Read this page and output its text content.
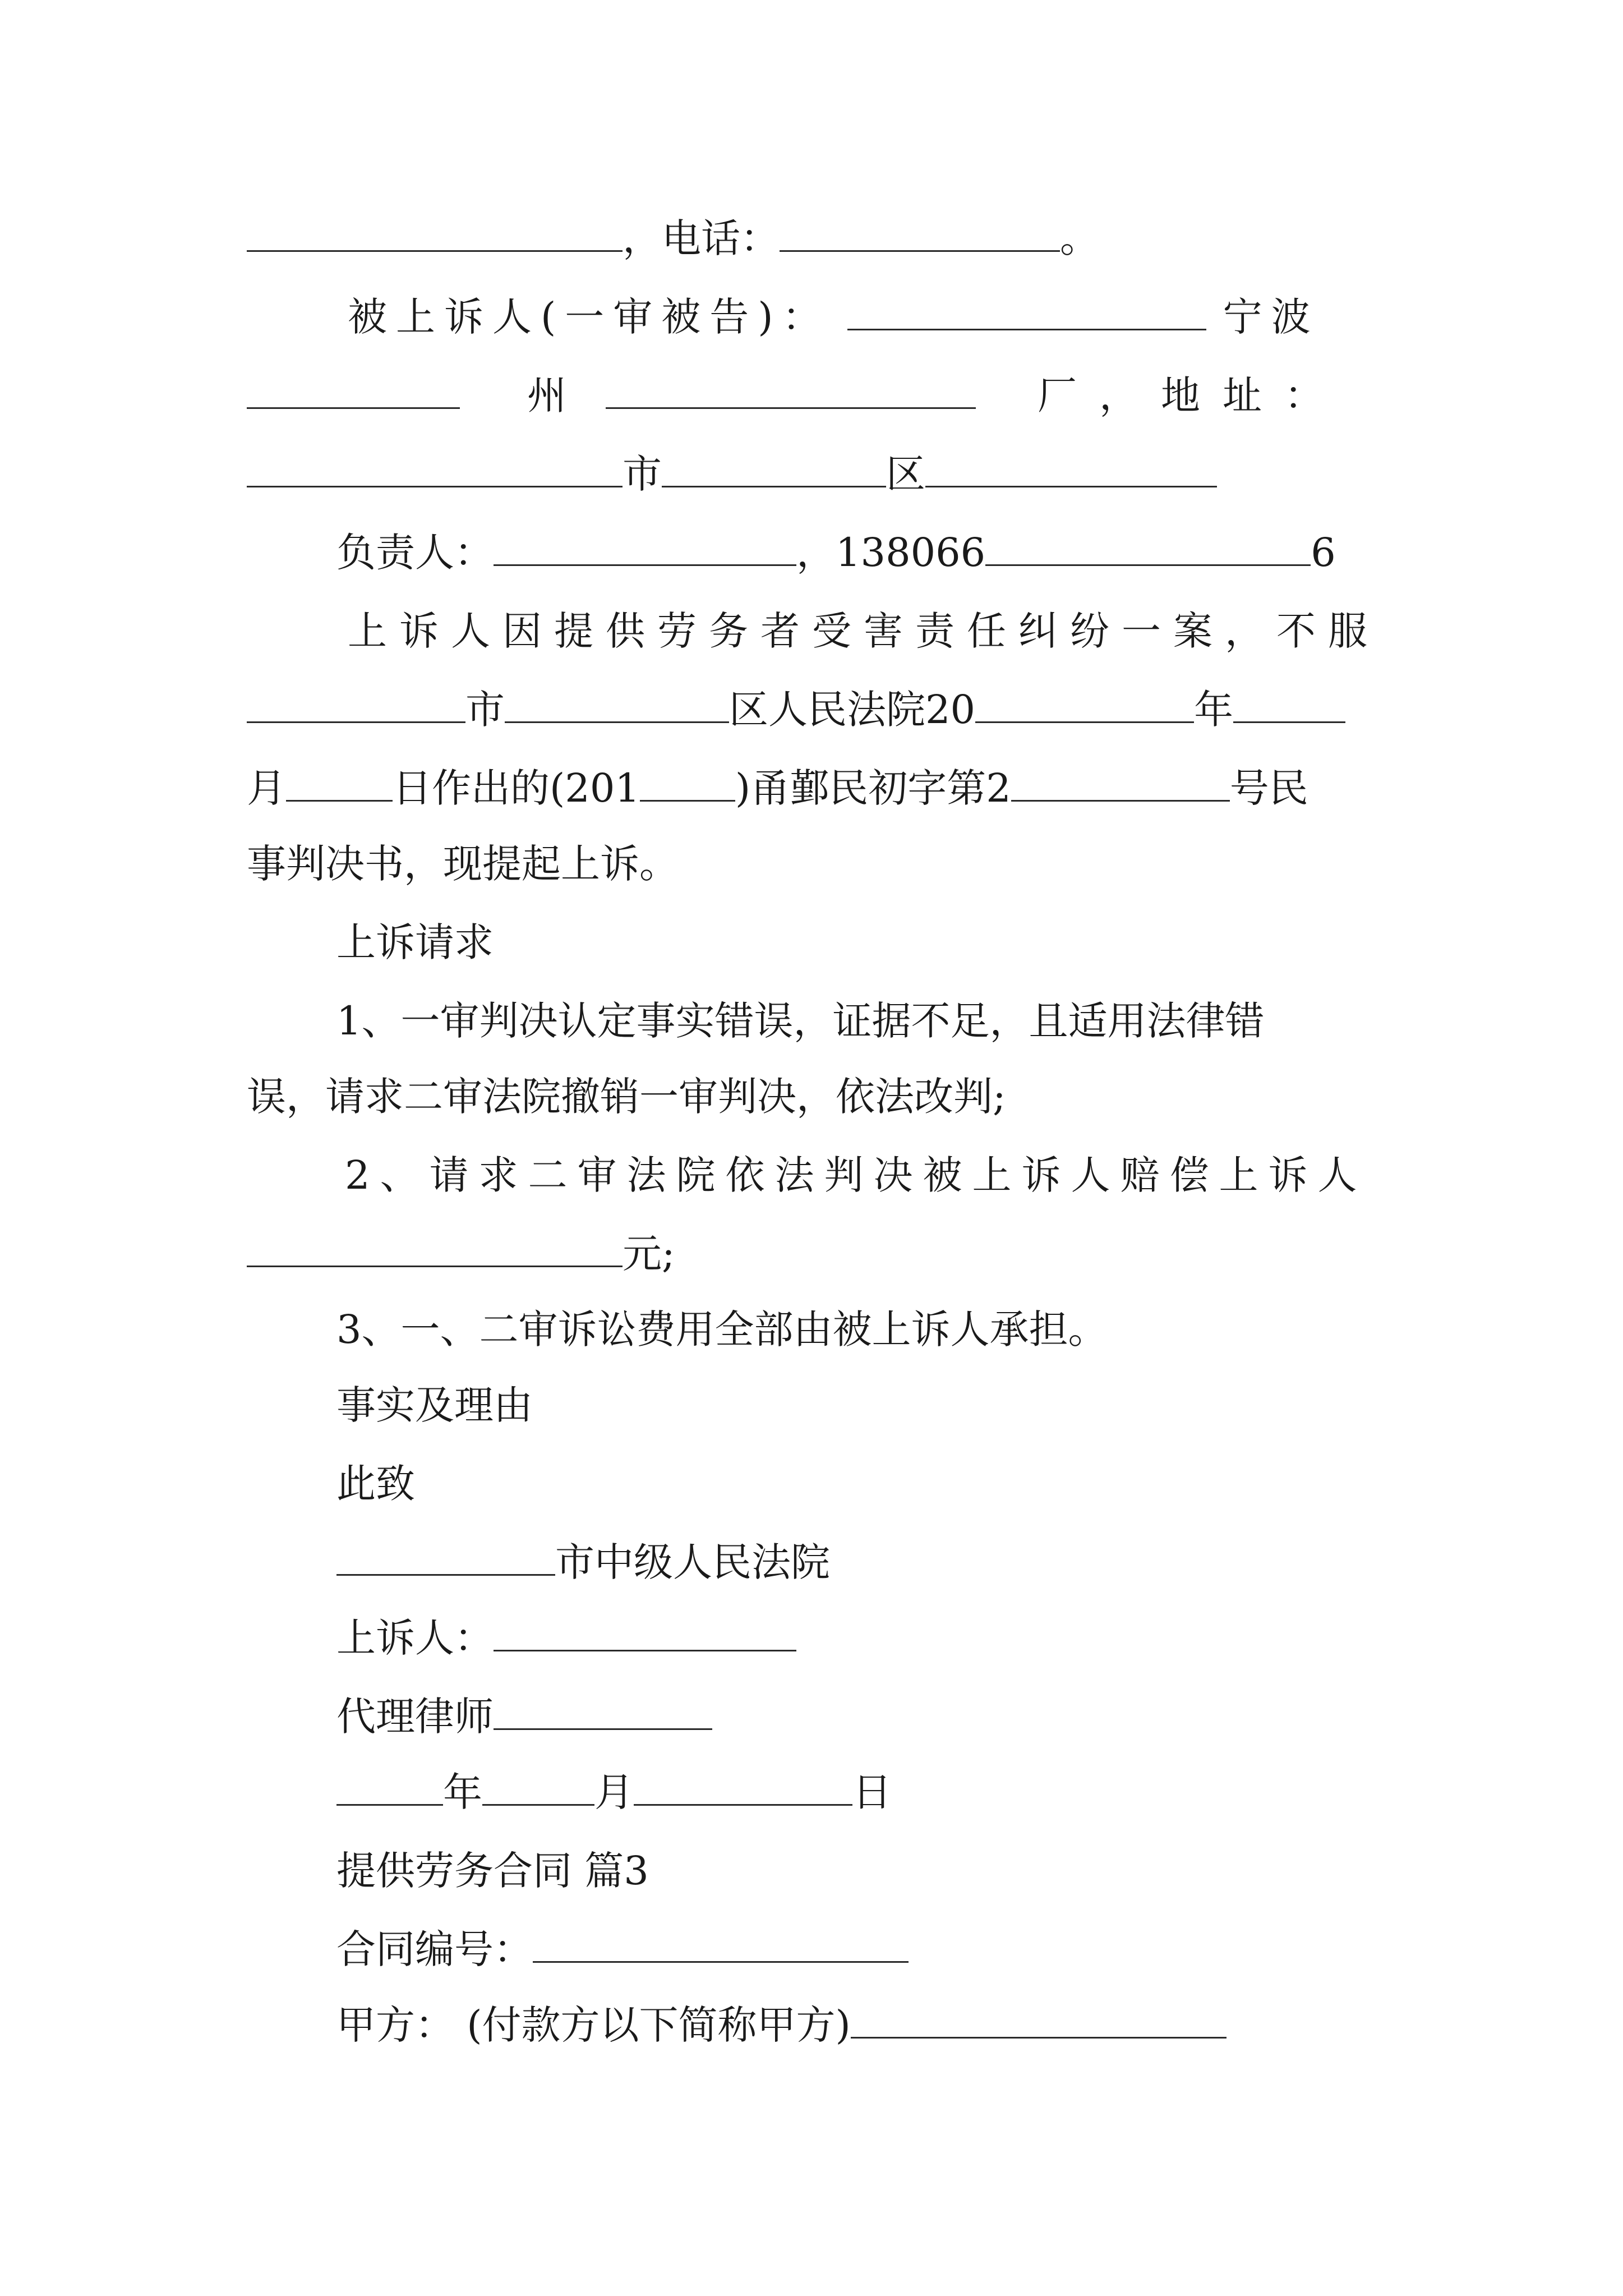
，电话：	。
被上诉人(一审被告)：	宁波
州	厂，地址：
市	区
负责人：	，138066	6
上诉人因提供劳务者受害责任纠纷一案，不服
市	区人民法院20	年
月	日作出的(201 )甬鄞民初字第2	号民
事判决书，现提起上诉。
上诉请求
1、一审判决认定事实错误，证据不足，且适用法律错
误，请求二审法院撤销一审判决，依法改判;
2、请求二审法院依法判决被上诉人赔偿上诉人
元;
3、一、二审诉讼费用全部由被上诉人承担。
事实及理由
此致
市中级人民法院
上诉人：
代理律师
年	月	日
提供劳务合同 篇3
合同编号：
甲方： (付款方以下简称甲方)
